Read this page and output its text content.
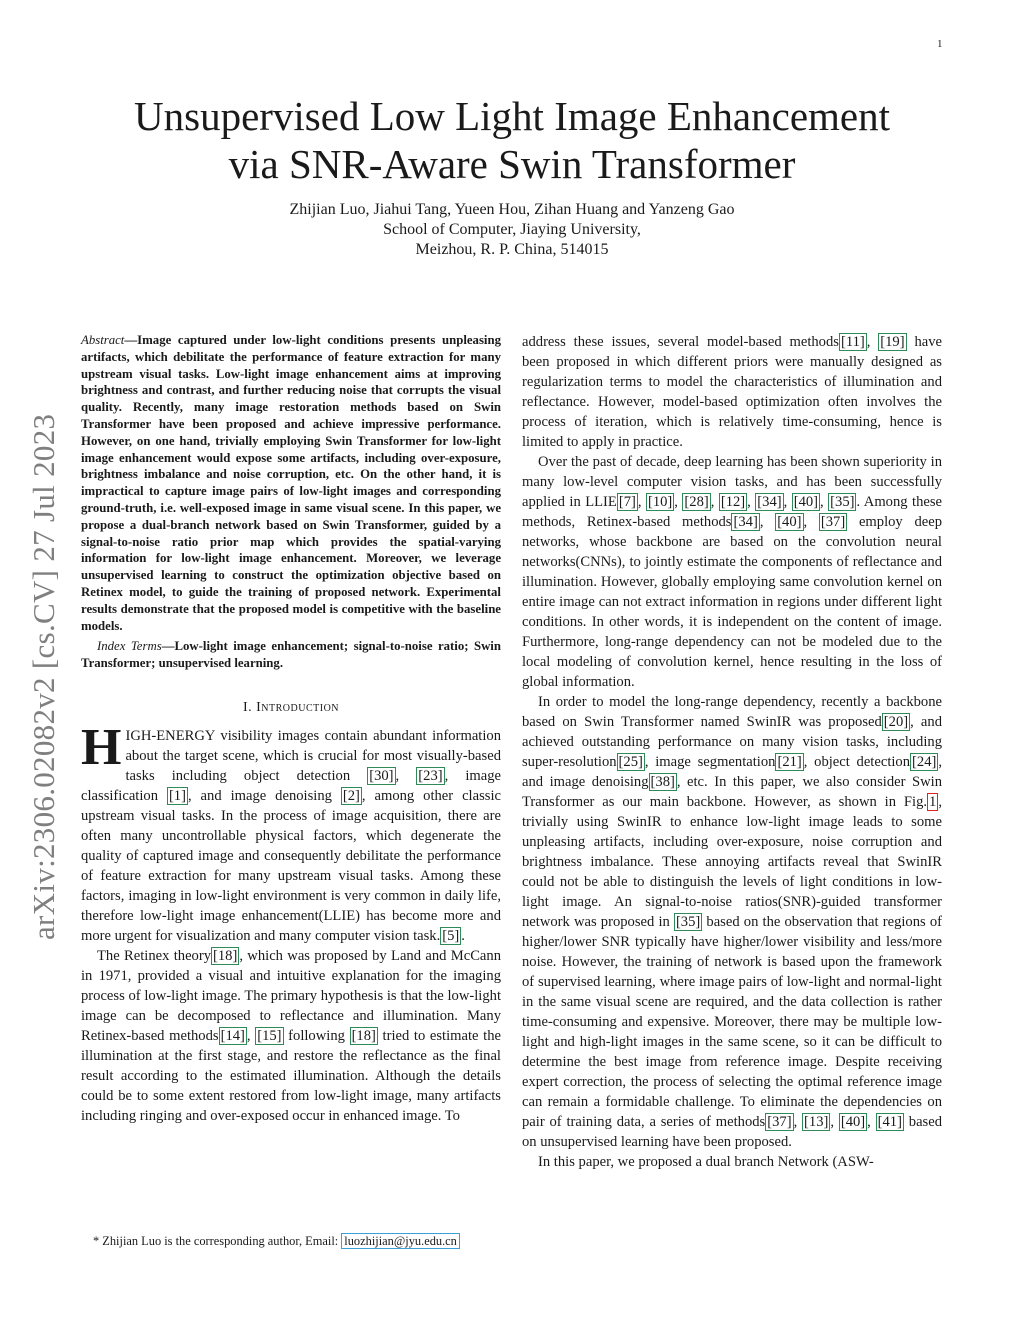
1
arXiv:2306.02082v2 [cs.CV] 27 Jul 2023
Unsupervised Low Light Image Enhancement
via SNR-Aware Swin Transformer
Zhijian Luo, Jiahui Tang, Yueen Hou, Zihan Huang and Yanzeng Gao
School of Computer, Jiaying University,
Meizhou, R. P. China, 514015

Abstract—Image captured under low-light conditions presents unpleasing artifacts, which debilitate the performance of feature extraction for many upstream visual tasks. Low-light image enhancement aims at improving brightness and contrast, and further reducing noise that corrupts the visual quality. Recently, many image restoration methods based on Swin Transformer have been proposed and achieve impressive performance. However, on one hand, trivially employing Swin Transformer for low-light image enhancement would expose some artifacts, including over-exposure, brightness imbalance and noise corruption, etc. On the other hand, it is impractical to capture image pairs of low-light images and corresponding ground-truth, i.e. well-exposed image in same visual scene. In this paper, we propose a dual-branch network based on Swin Transformer, guided by a signal-to-noise ratio prior map which provides the spatial-varying information for low-light image enhancement. Moreover, we leverage unsupervised learning to construct the optimization objective based on Retinex model, to guide the training of proposed network. Experimental results demonstrate that the proposed model is competitive with the baseline models.

Index Terms—Low-light image enhancement; signal-to-noise ratio; Swin Transformer; unsupervised learning.

I. Introduction

HIGH-ENERGY visibility images contain abundant information about the target scene, which is crucial for most visually-based tasks including object detection [30] , [23] , image classification [1] , and image denoising [2] , among other classic upstream visual tasks. In the process of image acquisition, there are often many uncontrollable physical factors, which degenerate the quality of captured image and consequently debilitate the performance of feature extraction for many upstream visual tasks. Among these factors, imaging in low-light environment is very common in daily life, therefore low-light image enhancement(LLIE) has become more and more urgent for visualization and many computer vision task. [5] .

The Retinex theory [18] , which was proposed by Land and McCann in 1971, provided a visual and intuitive explanation for the imaging process of low-light image. The primary hypothesis is that the low-light image can be decomposed to reflectance and illumination. Many Retinex-based methods [14] , [15] following [18] tried to estimate the illumination at the first stage, and restore the reflectance as the final result according to the estimated illumination. Although the details could be to some extent restored from low-light image, many artifacts including ringing and over-exposed occur in enhanced image. To

* Zhijian Luo is the corresponding author, Email: luozhijian@jyu.edu.cn

address these issues, several model-based methods [11] , [19] have been proposed in which different priors were manually designed as regularization terms to model the characteristics of illumination and reflectance. However, model-based optimization often involves the process of iteration, which is relatively time-consuming, hence is limited to apply in practice.

Over the past of decade, deep learning has been shown superiority in many low-level computer vision tasks, and has been successfully applied in LLIE [7] , [10] , [28] , [12] , [34] , [40] , [35] . Among these methods, Retinex-based methods [34] , [40] , [37] employ deep networks, whose backbone are based on the convolution neural networks(CNNs), to jointly estimate the components of reflectance and illumination. However, globally employing same convolution kernel on entire image can not extract information in regions under different light conditions. In other words, it is independent on the content of image. Furthermore, long-range dependency can not be modeled due to the local modeling of convolution kernel, hence resulting in the loss of global information.

In order to model the long-range dependency, recently a backbone based on Swin Transformer named SwinIR was proposed [20] , and achieved outstanding performance on many vision tasks, including super-resolution [25] , image segmentation [21] , object detection [24] , and image denoising [38] , etc. In this paper, we also consider Swin Transformer as our main backbone. However, as shown in Fig. 1 , trivially using SwinIR to enhance low-light image leads to some unpleasing artifacts, including over-exposure, noise corruption and brightness imbalance. These annoying artifacts reveal that SwinIR could not be able to distinguish the levels of light conditions in low-light image. An signal-to-noise ratios(SNR)-guided transformer network was proposed in [35] based on the observation that regions of higher/lower SNR typically have higher/lower visibility and less/more noise. However, the training of network is based upon the framework of supervised learning, where image pairs of low-light and normal-light in the same visual scene are required, and the data collection is rather time-consuming and expensive. Moreover, there may be multiple low-light and high-light images in the same scene, so it can be difficult to determine the best image from reference image. Despite receiving expert correction, the process of selecting the optimal reference image can remain a formidable challenge. To eliminate the dependencies on pair of training data, a series of methods [37] , [13] , [40] , [41] based on unsupervised learning have been proposed.

In this paper, we proposed a dual branch Network (ASW-
